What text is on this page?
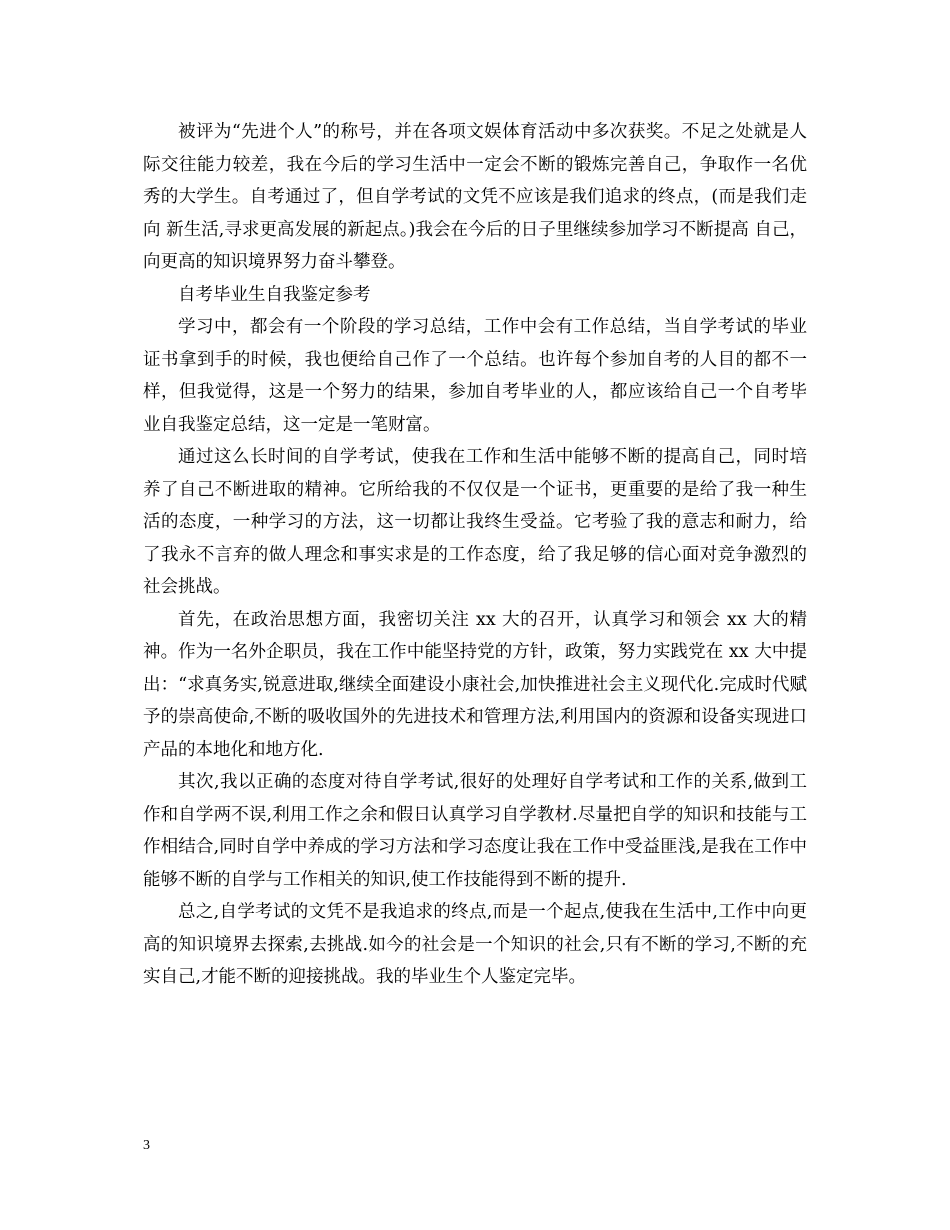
被评为“先进个人”的称号，并在各项文娱体育活动中多次获奖。不足之处就是人际交往能力较差，我在今后的学习生活中一定会不断的锻炼完善自己，争取作一名优秀的大学生。自考通过了，但自学考试的文凭不应该是我们追求的终点，(而是我们走向 新生活,寻求更高发展的新起点。)我会在今后的日子里继续参加学习不断提高 自己，向更高的知识境界努力奋斗攀登。

自考毕业生自我鉴定参考

学习中，都会有一个阶段的学习总结，工作中会有工作总结，当自学考试的毕业证书拿到手的时候，我也便给自己作了一个总结。也许每个参加自考的人目的都不一样，但我觉得，这是一个努力的结果，参加自考毕业的人，都应该给自己一个自考毕业自我鉴定总结，这一定是一笔财富。

通过这么长时间的自学考试，使我在工作和生活中能够不断的提高自己，同时培养了自己不断进取的精神。它所给我的不仅仅是一个证书，更重要的是给了我一种生活的态度，一种学习的方法，这一切都让我终生受益。它考验了我的意志和耐力，给了我永不言弃的做人理念和事实求是的工作态度，给了我足够的信心面对竞争激烈的社会挑战。

首先，在政治思想方面，我密切关注 xx 大的召开，认真学习和领会 xx 大的精神。作为一名外企职员，我在工作中能坚持党的方针，政策，努力实践党在 xx 大中提出：“求真务实,锐意进取,继续全面建设小康社会,加快推进社会主义现代化.完成时代赋予的崇高使命,不断的吸收国外的先进技术和管理方法,利用国内的资源和设备实现进口产品的本地化和地方化.

其次,我以正确的态度对待自学考试,很好的处理好自学考试和工作的关系,做到工作和自学两不误,利用工作之余和假日认真学习自学教材.尽量把自学的知识和技能与工作相结合,同时自学中养成的学习方法和学习态度让我在工作中受益匪浅,是我在工作中能够不断的自学与工作相关的知识,使工作技能得到不断的提升.

总之,自学考试的文凭不是我追求的终点,而是一个起点,使我在生活中,工作中向更高的知识境界去探索,去挑战.如今的社会是一个知识的社会,只有不断的学习,不断的充实自己,才能不断的迎接挑战。我的毕业生个人鉴定完毕。

3
